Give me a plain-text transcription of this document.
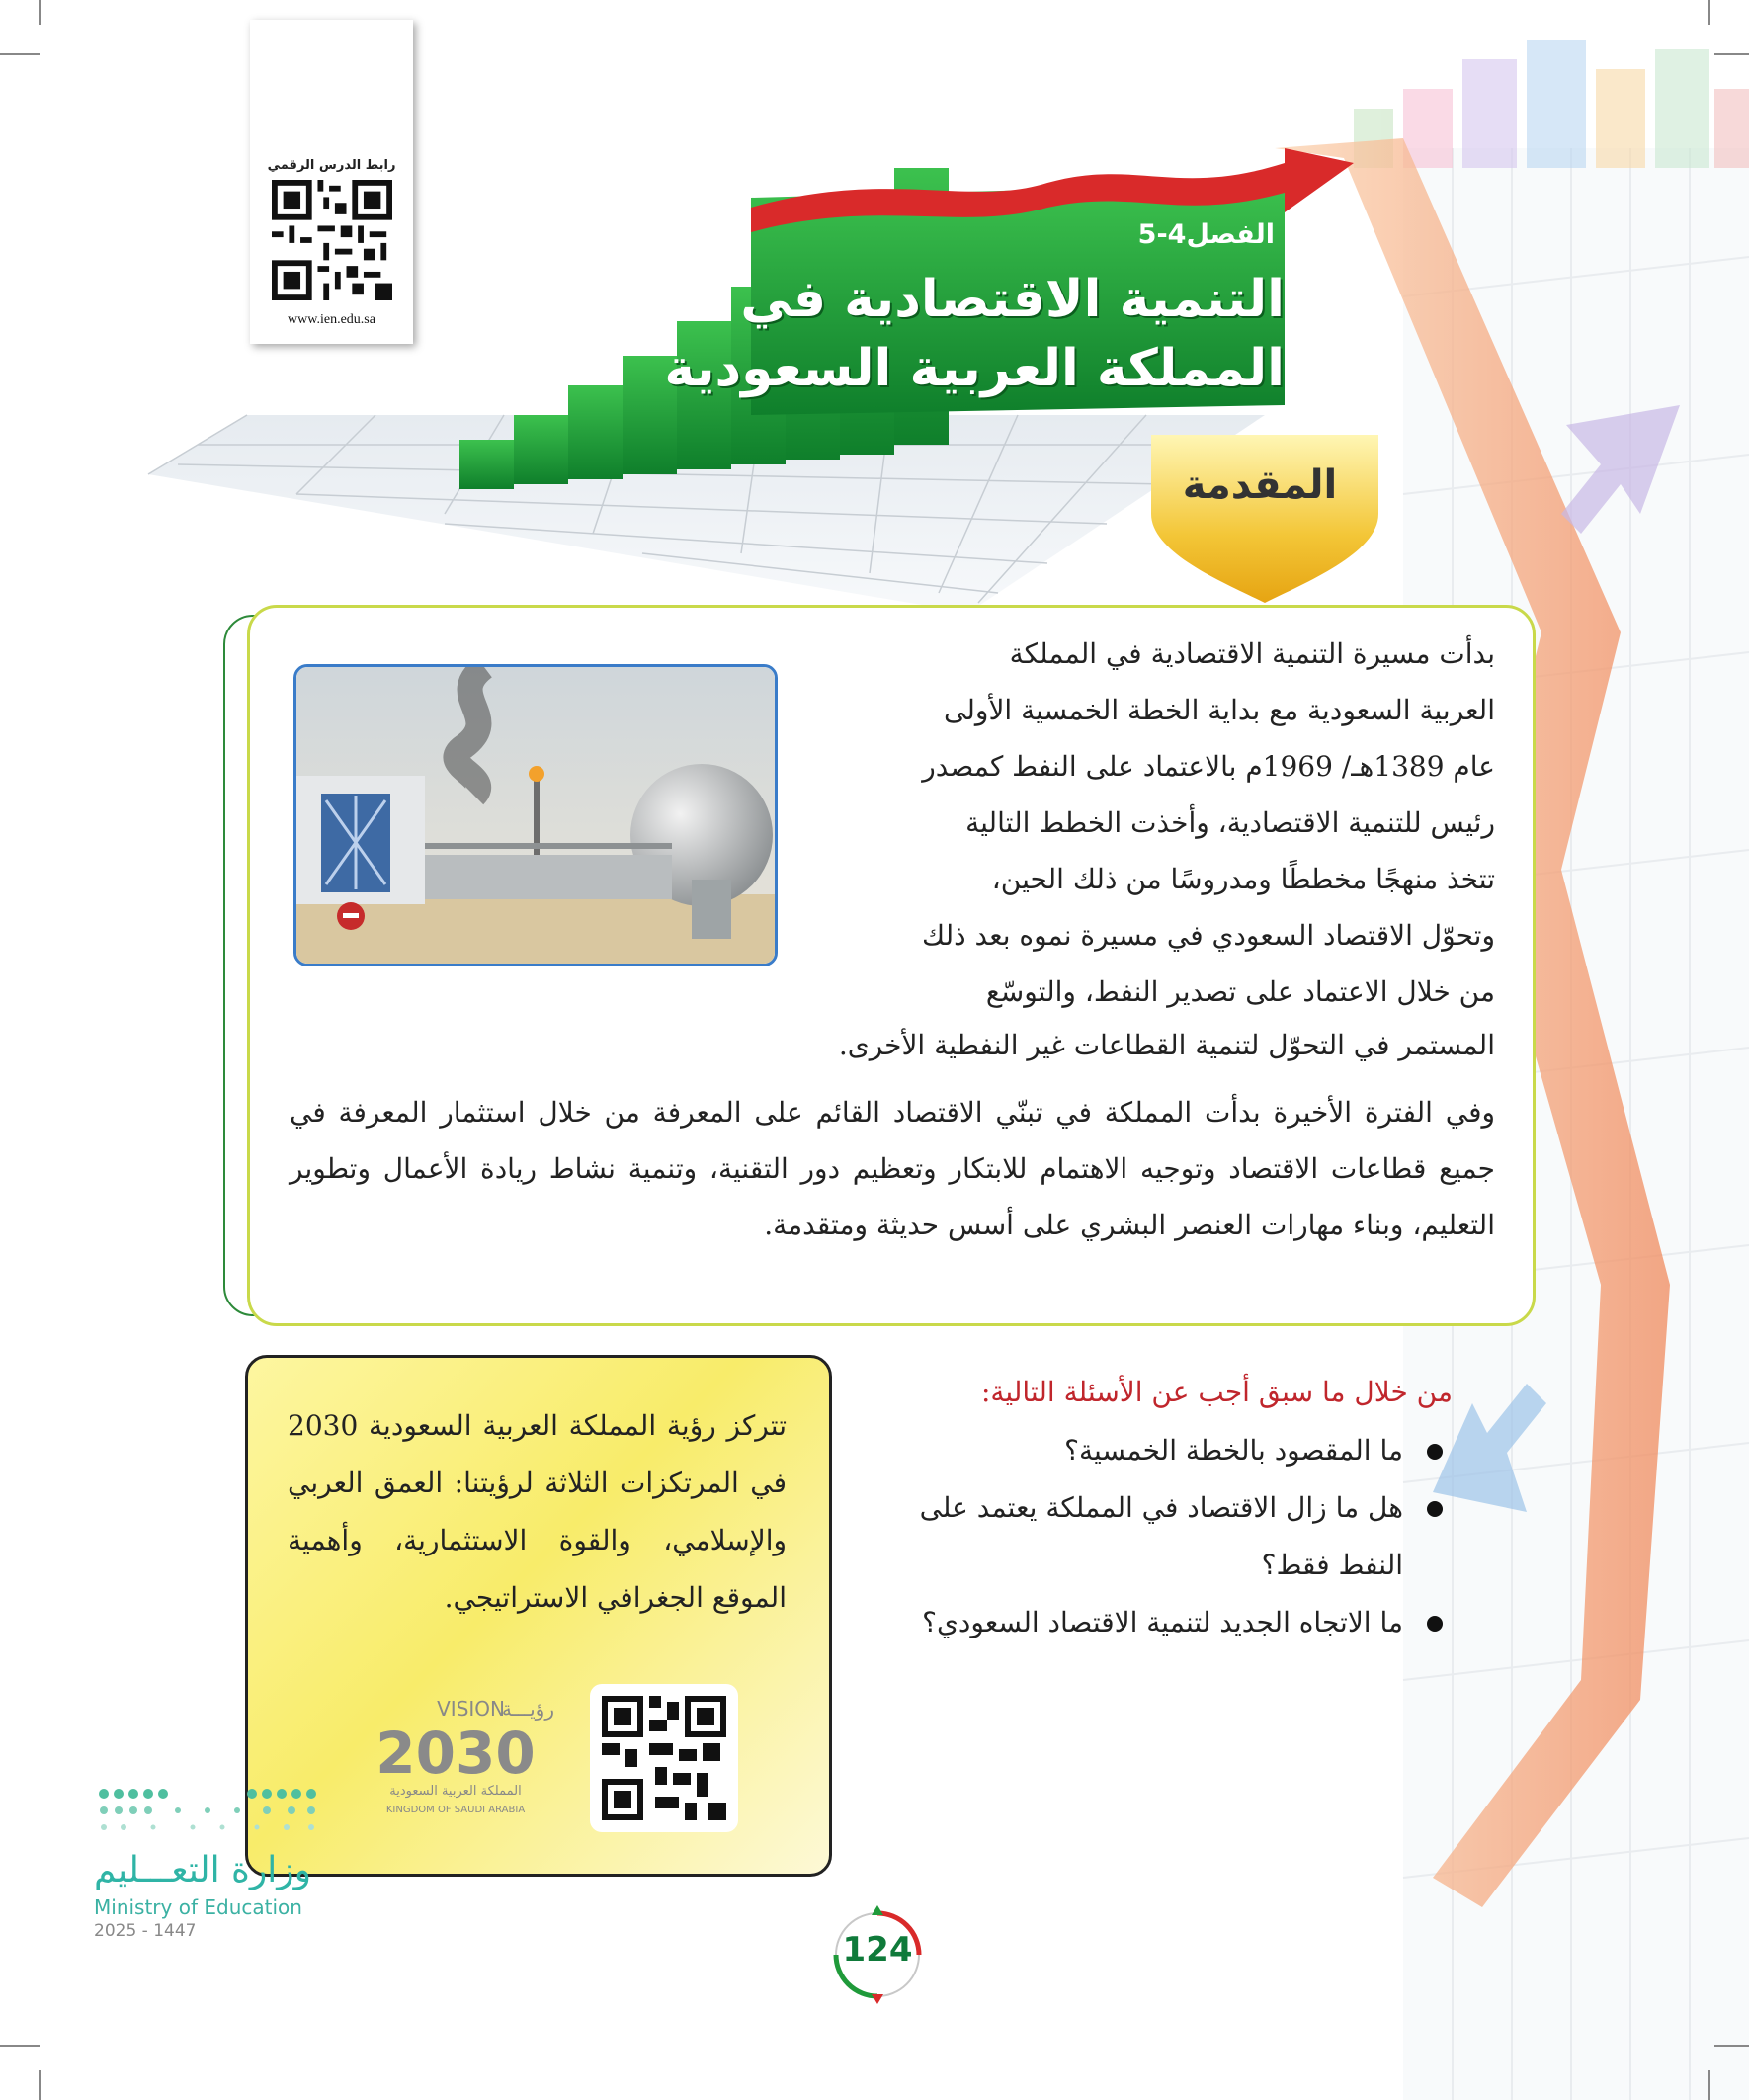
رابط الدرس الرقمي
www.ien.edu.sa
الفصل4-5
التنمية الاقتصادية في
المملكة العربية السعودية
المقدمة
بدأت مسيرة التنمية الاقتصادية في المملكة
العربية السعودية مع بداية الخطة الخمسية الأولى
عام 1389هـ/ 1969م بالاعتماد على النفط كمصدر
رئيس للتنمية الاقتصادية، وأخذت الخطط التالية
تتخذ منهجًا مخططًا ومدروسًا من ذلك الحين،
وتحوّل الاقتصاد السعودي في مسيرة نموه بعد ذلك
من خلال الاعتماد على تصدير النفط، والتوسّع
المستمر في التحوّل لتنمية القطاعات غير النفطية الأخرى.
وفي الفترة الأخيرة بدأت المملكة في تبنّي الاقتصاد القائم على المعرفة من خلال استثمار المعرفة في جميع قطاعات الاقتصاد وتوجيه الاهتمام للابتكار وتعظيم دور التقنية، وتنمية نشاط ريادة الأعمال وتطوير التعليم، وبناء مهارات العنصر البشري على أسس حديثة ومتقدمة.
تتركز رؤية المملكة العربية السعودية 2030 في المرتكزات الثلاثة لرؤيتنا: العمق العربي والإسلامي، والقوة الاستثمارية، وأهمية الموقع الجغرافي الاستراتيجي.
VISION
رؤيـــة
2030
المملكة العربية السعودية
KINGDOM OF SAUDI ARABIA
من خلال ما سبق أجب عن الأسئلة التالية:
ما المقصود بالخطة الخمسية؟
هل ما زال الاقتصاد في المملكة يعتمد على النفط فقط؟
ما الاتجاه الجديد لتنمية الاقتصاد السعودي؟
وزارة التعـــليم
Ministry of Education
2025 - 1447	124
